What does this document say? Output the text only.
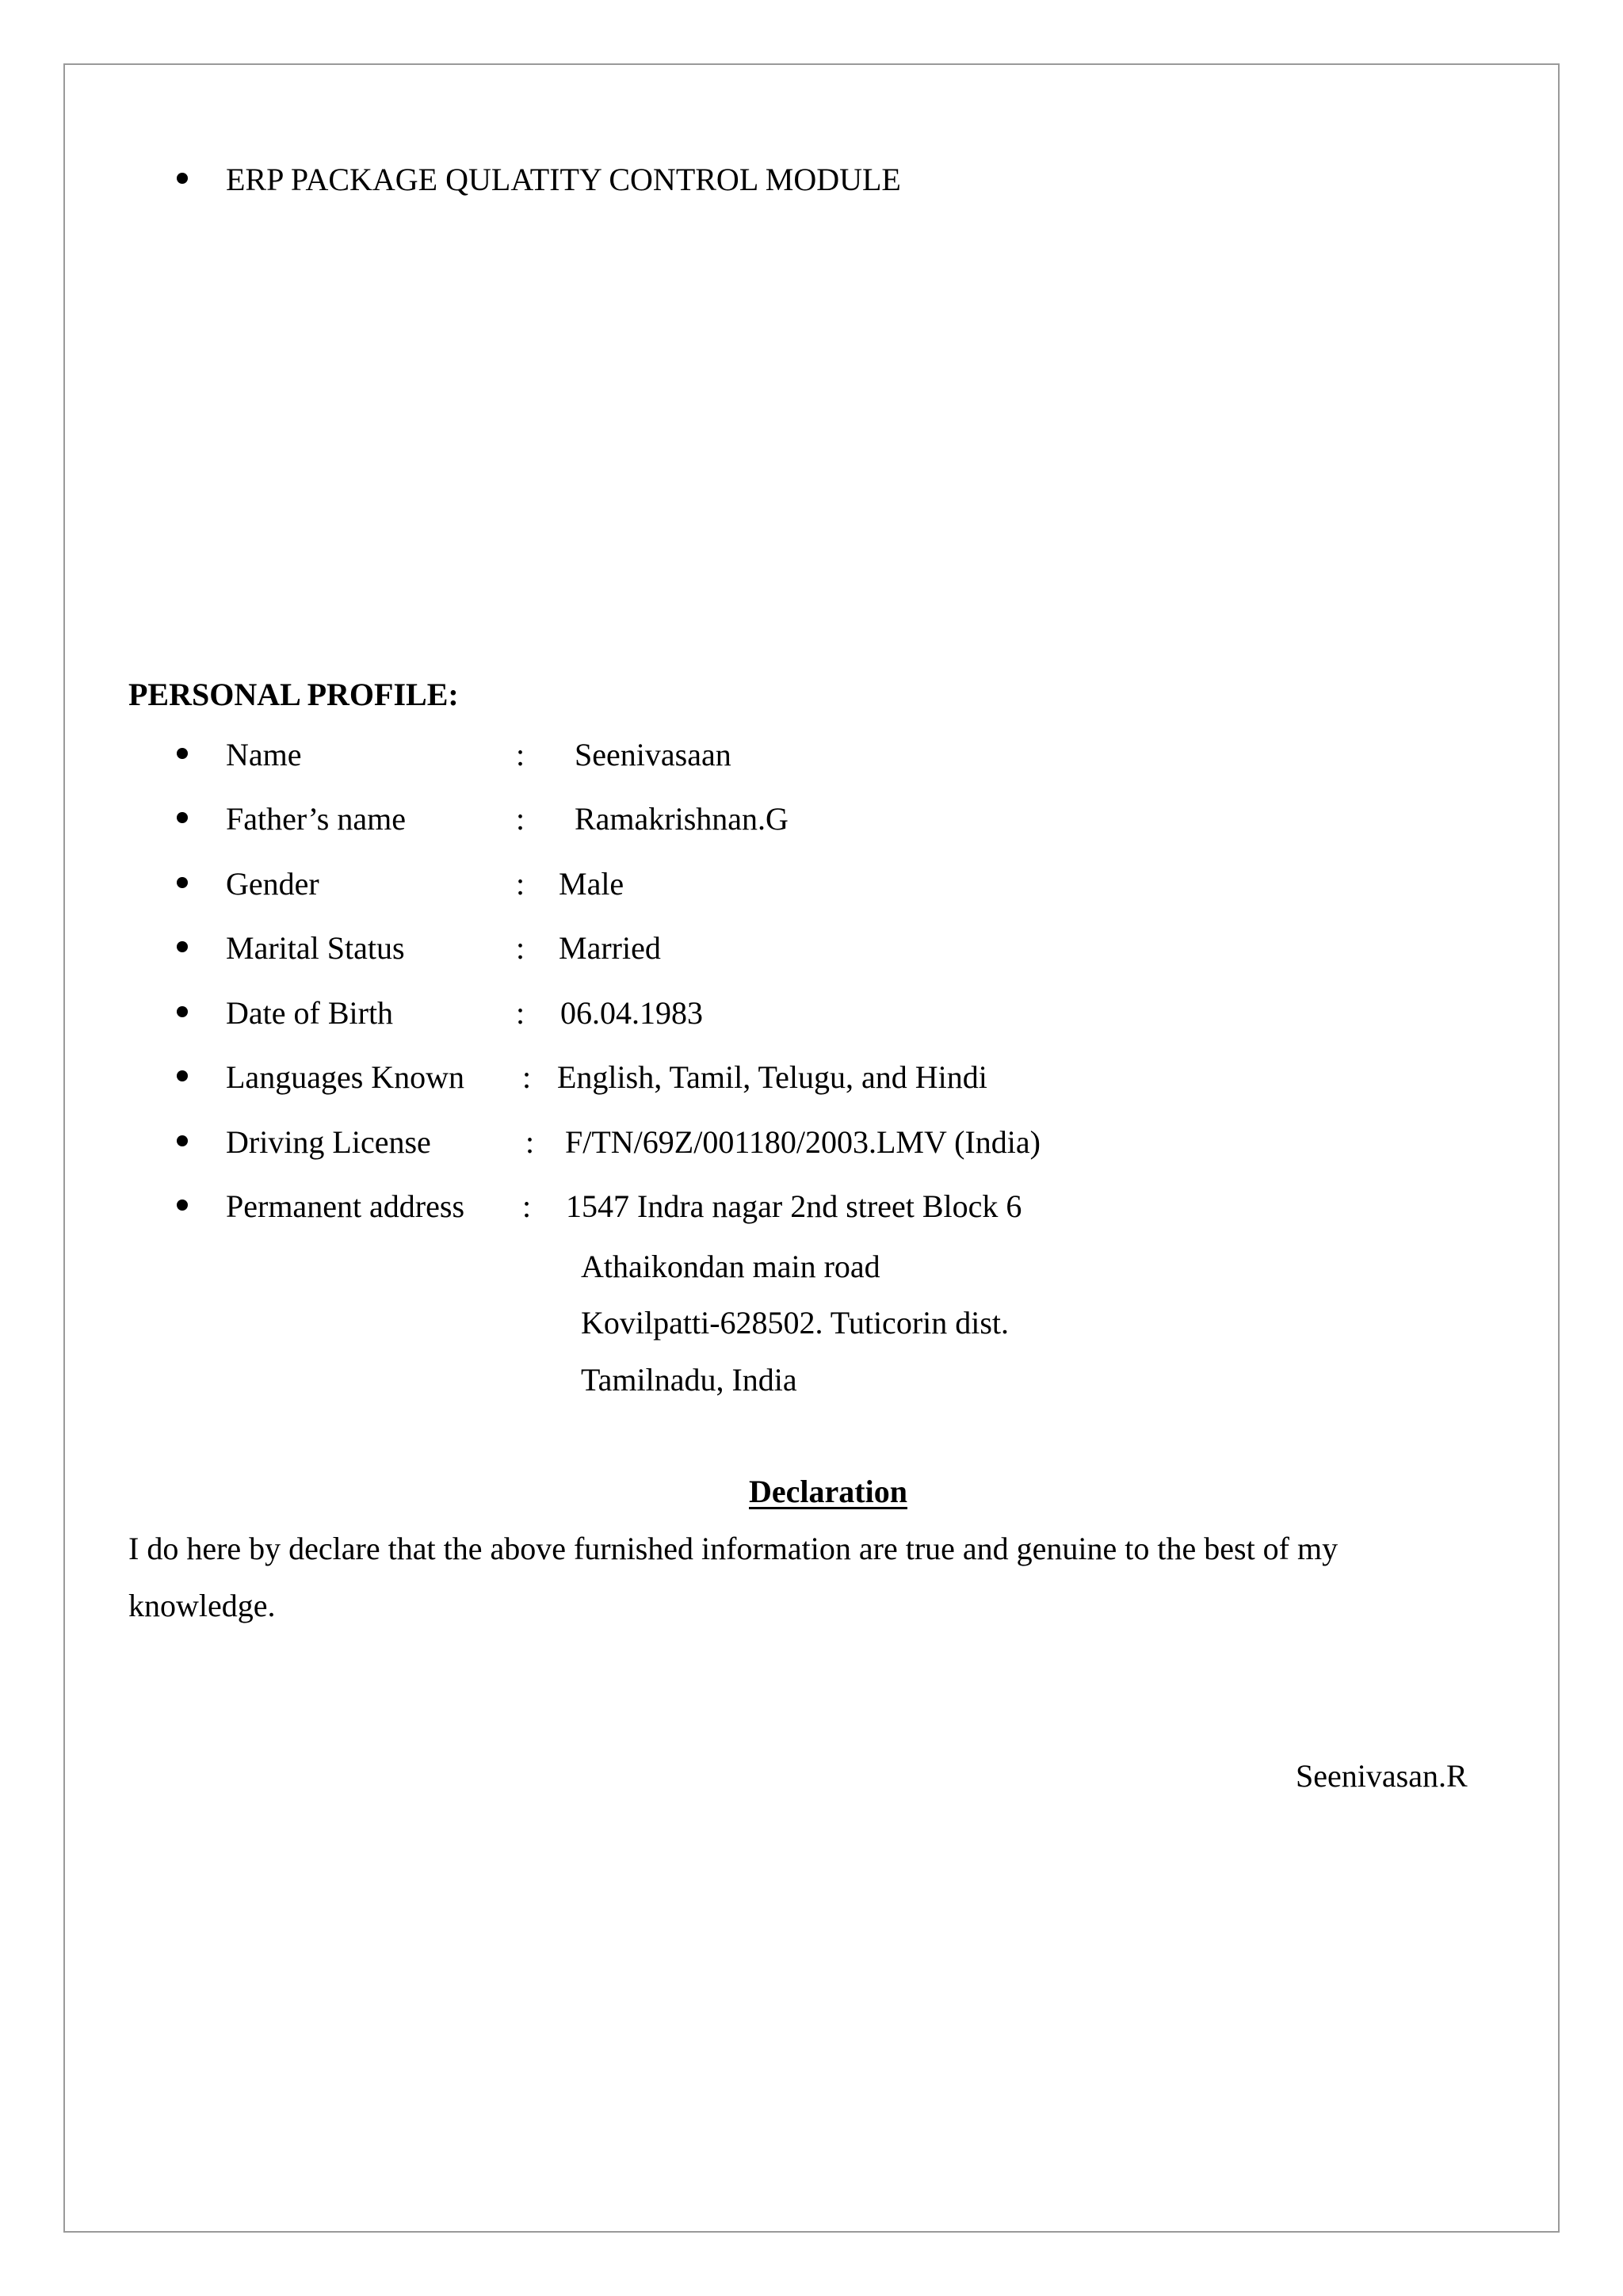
ERP PACKAGE QULATITY CONTROL MODULE
PERSONAL PROFILE:
Name	: Seenivasaan
Father’s name	: Ramakrishnan.G
Gender	: Male
Marital Status	: Married
Date of Birth	: 06.04.1983
Languages Known : English, Tamil, Telugu, and Hindi
Driving License	: F/TN/69Z/001180/2003.LMV (India)
Permanent address : 1547 Indra nagar 2nd street Block 6
Athaikondan main road
Kovilpatti-628502. Tuticorin dist.
Tamilnadu, India
Declaration
I do here by declare that the above furnished information are true and genuine to the best of my
knowledge.
Seenivasan.R
